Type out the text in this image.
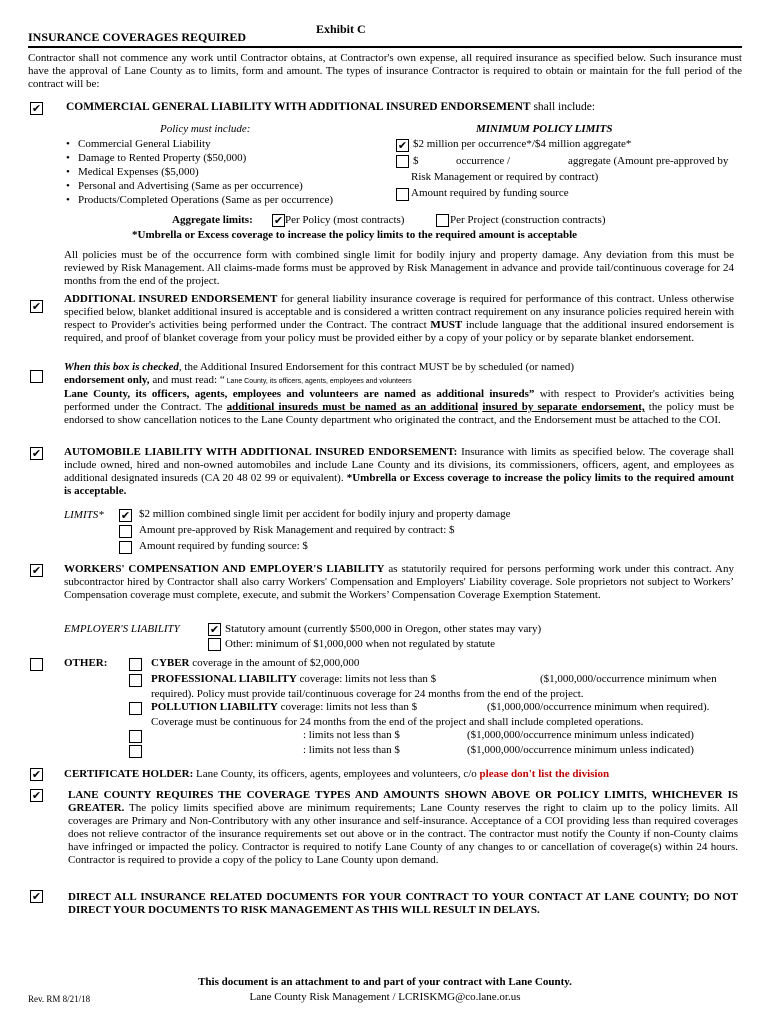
Exhibit C
INSURANCE COVERAGES REQUIRED
Contractor shall not commence any work until Contractor obtains, at Contractor's own expense, all required insurance as specified below. Such insurance must have the approval of Lane County as to limits, form and amount. The types of insurance Contractor is required to obtain or maintain for the full period of the contract will be:
✔ COMMERCIAL GENERAL LIABILITY WITH ADDITIONAL INSURED ENDORSEMENT shall include:
Policy must include:
• Commercial General Liability
• Damage to Rented Property ($50,000)
• Medical Expenses ($5,000)
• Personal and Advertising (Same as per occurrence)
• Products/Completed Operations (Same as per occurrence)
MINIMUM POLICY LIMITS
✔ $2 million per occurrence*/$4 million aggregate*
$	occurrence /	aggregate (Amount pre-approved by
Risk Management or required by contract)
Amount required by funding source
Aggregate limits: ✔ Per Policy (most contracts)	Per Project (construction contracts)
*Umbrella or Excess coverage to increase the policy limits to the required amount is acceptable
All policies must be of the occurrence form with combined single limit for bodily injury and property damage. Any deviation from this must be reviewed by Risk Management. All claims-made forms must be approved by Risk Management in advance and provide tail/continuous coverage for 24 months from the end of the project.
✔
ADDITIONAL INSURED ENDORSEMENT for general liability insurance coverage is required for performance of this contract. Unless otherwise specified below, blanket additional insured is acceptable and is considered a written contract requirement on any insurance policies required herein with respect to Provider's activities being performed under the Contract. The contract MUST include language that the additional insured endorsement is required, and proof of blanket coverage from your policy must be provided either by a copy of your policy or by separate blanket endorsement.
When this box is checked, the Additional Insured Endorsement for this contract MUST be by scheduled (or named)
endorsement only, and must read: “ Lane County, its officers, agents, employees and volunteers
Lane County, its officers, agents, employees and volunteers are named as additional insureds” with respect to Provider's activities being performed under the Contract. The additional insureds must be named as an additional insured by separate endorsement, the policy must be endorsed to show cancellation notices to the Lane County department who originated the contract, and the Endorsement must be attached to the COI.
✔ AUTOMOBILE LIABILITY WITH ADDITIONAL INSURED ENDORSEMENT: Insurance with limits as specified below. The coverage shall include owned, hired and non-owned automobiles and include Lane County and its divisions, its commissioners, officers, agent, and employees as additional designated insureds (CA 20 48 02 99 or equivalent). *Umbrella or Excess coverage to increase the policy limits to the required amount is acceptable.
LIMITS* ✔ $2 million combined single limit per accident for bodily injury and property damage
Amount pre-approved by Risk Management and required by contract: $
Amount required by funding source: $
✔ WORKERS' COMPENSATION AND EMPLOYER'S LIABILITY as statutorily required for persons performing work under this contract. Any subcontractor hired by Contractor shall also carry Workers' Compensation and Employers' Liability coverage. Sole proprietors not subject to Workers’ Compensation coverage must complete, execute, and submit the Workers’ Compensation Coverage Exemption Statement.
EMPLOYER'S LIABILITY	✔ Statutory amount (currently $500,000 in Oregon, other states may vary)
Other: minimum of $1,000,000 when not regulated by statute
OTHER:	CYBER coverage in the amount of $2,000,000
PROFESSIONAL LIABILITY coverage: limits not less than $	($1,000,000/occurrence minimum when
required). Policy must provide tail/continuous coverage for 24 months from the end of the project.
POLLUTION LIABILITY coverage: limits not less than $	($1,000,000/occurrence minimum when required).
Coverage must be continuous for 24 months from the end of the project and shall include completed operations.
: limits not less than $	($1,000,000/occurrence minimum unless indicated)
: limits not less than $	($1,000,000/occurrence minimum unless indicated)
✔ CERTIFICATE HOLDER: Lane County, its officers, agents, employees and volunteers, c/o please don't list the division
✔ LANE COUNTY REQUIRES THE COVERAGE TYPES AND AMOUNTS SHOWN ABOVE OR POLICY LIMITS, WHICHEVER IS GREATER. The policy limits specified above are minimum requirements; Lane County reserves the right to claim up to the policy limits. All coverages are Primary and Non-Contributory with any other insurance and self-insurance. Acceptance of a COI providing less than required coverages does not relieve contractor of the insurance requirements set out above or in the contract. The contractor must notify the County if non-County claims have infringed or impacted the policy. Contractor is required to notify Lane County of any changes to or cancellation of coverage(s) within 24 hours. Contractor is required to provide a copy of the policy to Lane County upon demand.
✔ DIRECT ALL INSURANCE RELATED DOCUMENTS FOR YOUR CONTRACT TO YOUR CONTACT AT LANE COUNTY; DO NOT DIRECT YOUR DOCUMENTS TO RISK MANAGEMENT AS THIS WILL RESULT IN DELAYS.
This document is an attachment to and part of your contract with Lane County.
Lane County Risk Management / LCRISKMG@co.lane.or.us
Rev. RM 8/21/18
